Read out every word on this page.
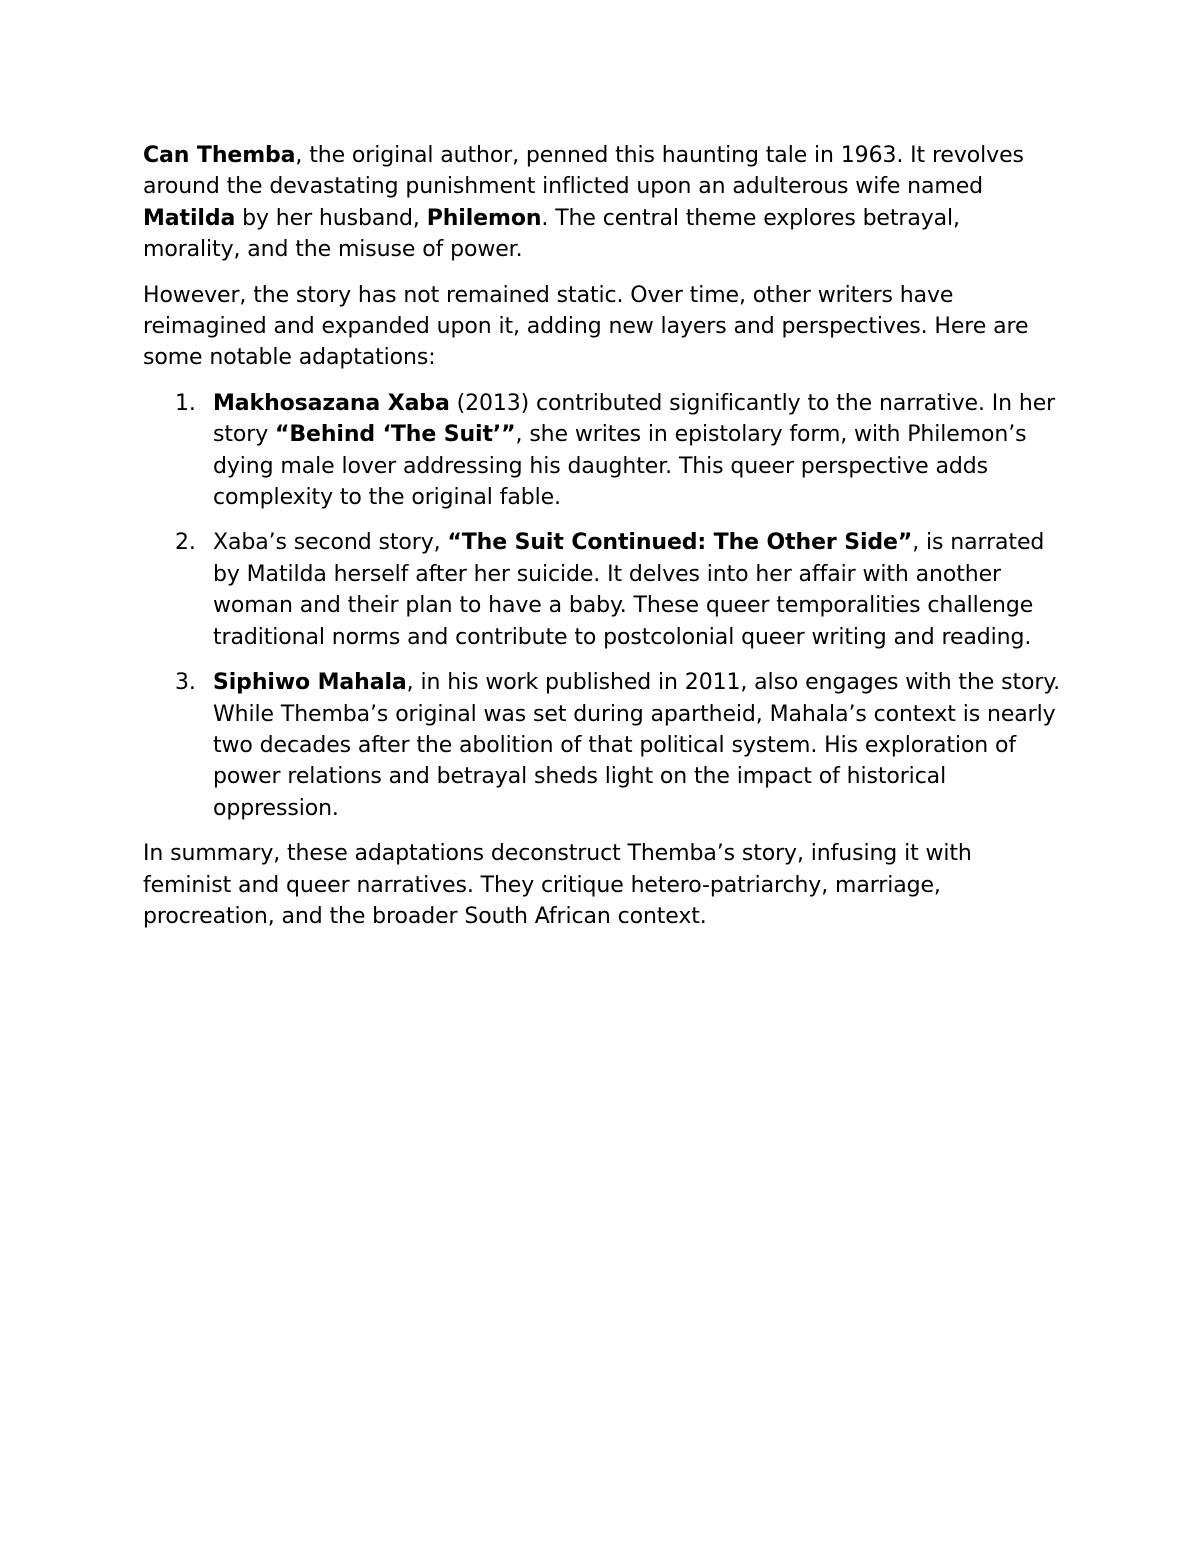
Can Themba, the original author, penned this haunting tale in 1963. It revolves around the devastating punishment inflicted upon an adulterous wife named Matilda by her husband, Philemon. The central theme explores betrayal, morality, and the misuse of power.

However, the story has not remained static. Over time, other writers have reimagined and expanded upon it, adding new layers and perspectives. Here are some notable adaptations:

1. Makhosazana Xaba (2013) contributed significantly to the narrative. In her story “Behind ‘The Suit’”, she writes in epistolary form, with Philemon’s dying male lover addressing his daughter. This queer perspective adds complexity to the original fable.
2. Xaba’s second story, “The Suit Continued: The Other Side”, is narrated by Matilda herself after her suicide. It delves into her affair with another woman and their plan to have a baby. These queer temporalities challenge traditional norms and contribute to postcolonial queer writing and reading.
3. Siphiwo Mahala, in his work published in 2011, also engages with the story. While Themba’s original was set during apartheid, Mahala’s context is nearly two decades after the abolition of that political system. His exploration of power relations and betrayal sheds light on the impact of historical oppression.

In summary, these adaptations deconstruct Themba’s story, infusing it with feminist and queer narratives. They critique hetero-patriarchy, marriage, procreation, and the broader South African context.
